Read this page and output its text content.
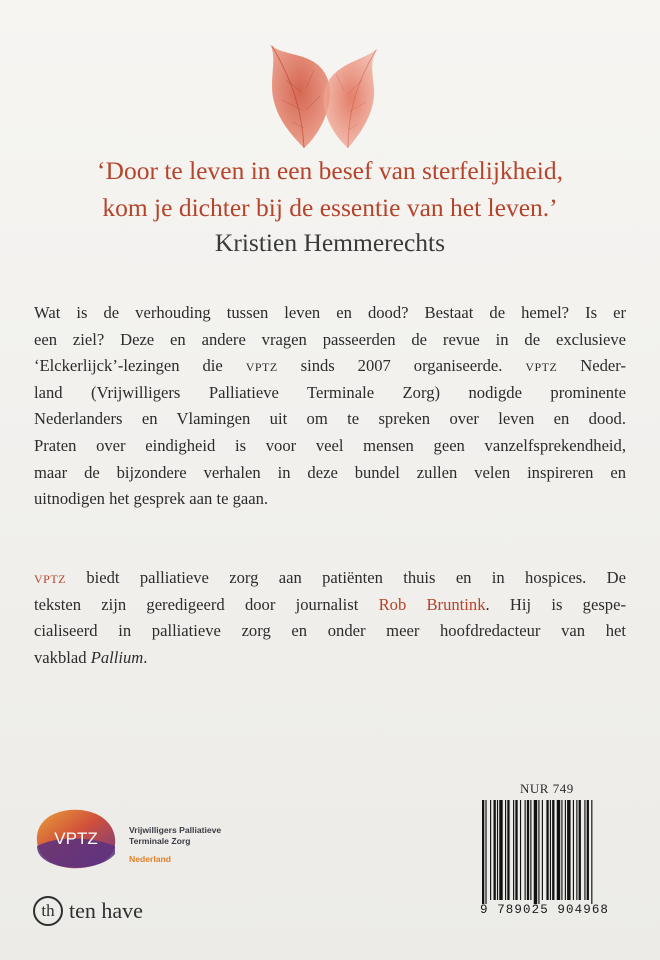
‘Door te leven in een besef van sterfelijkheid,
kom je dichter bij de essentie van het leven.’
Kristien Hemmerechts
Wat is de verhouding tussen leven en dood? Bestaat de hemel? Is er
een ziel? Deze en andere vragen passeerden de revue in de exclusieve
‘Elckerlijck’-lezingen die vptz sinds 2007 organiseerde. vptz Neder-
land (Vrijwilligers Palliatieve Terminale Zorg) nodigde prominente
Nederlanders en Vlamingen uit om te spreken over leven en dood.
Praten over eindigheid is voor veel mensen geen vanzelfsprekendheid,
maar de bijzondere verhalen in deze bundel zullen velen inspireren en
uitnodigen het gesprek aan te gaan.
vptz biedt palliatieve zorg aan patiënten thuis en in hospices. De
teksten zijn geredigeerd door journalist Rob Bruntink. Hij is gespe-
cialiseerd in palliatieve zorg en onder meer hoofdredacteur van het
vakblad Pallium.
VPTZ	Vrijwilligers Palliatieve
Terminale Zorg
Nederland
th ten have
NUR 749
9 789025 904968
